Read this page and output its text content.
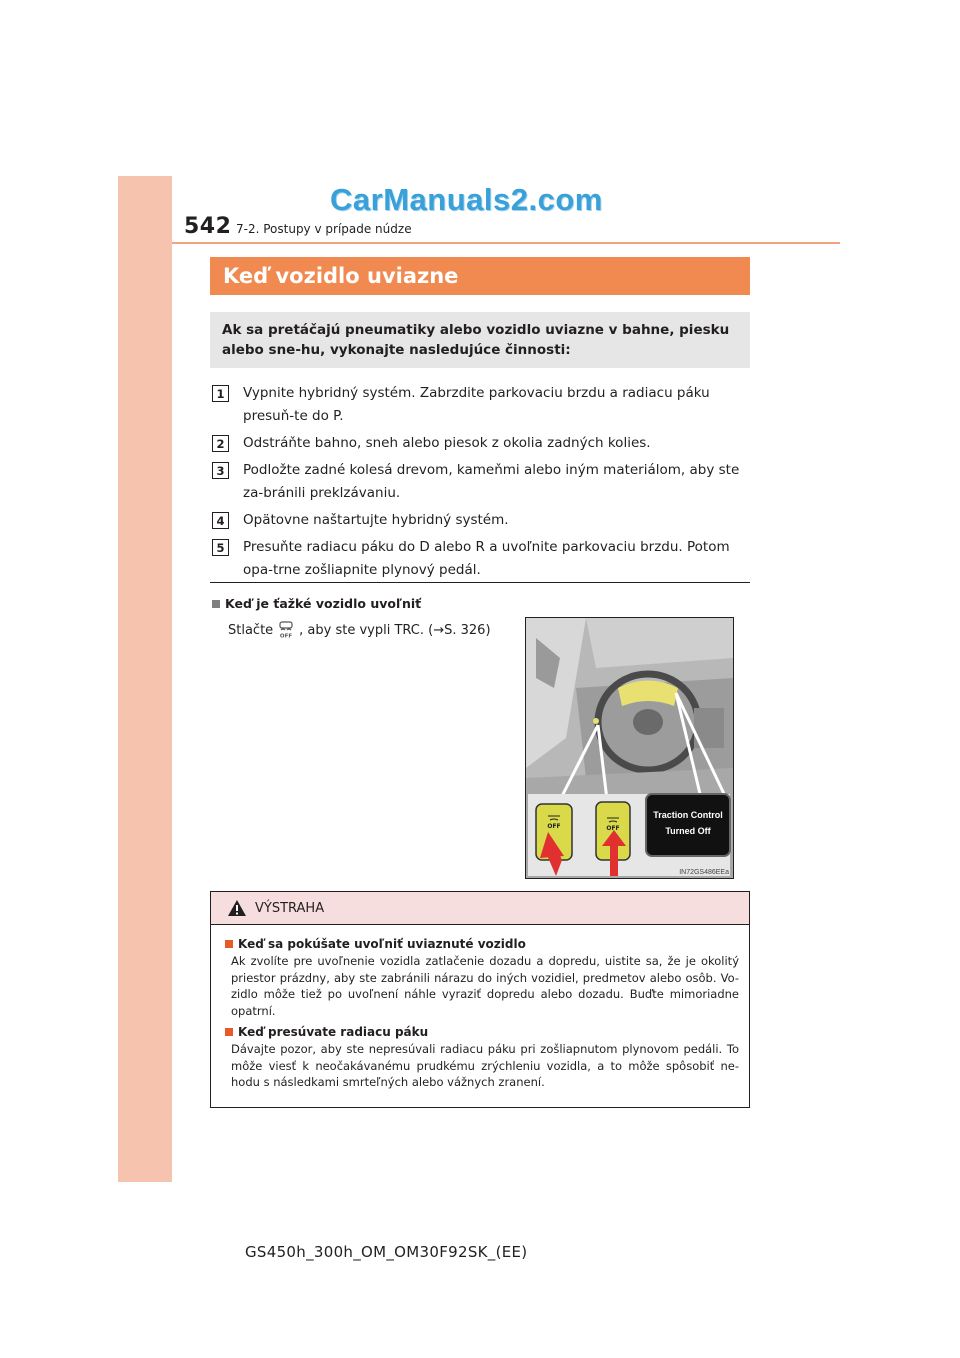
542 7-2. Postupy v prípade núdze
CarManuals2.com
Keď vozidlo uviazne
Ak sa pretáčajú pneumatiky alebo vozidlo uviazne v bahne, piesku alebo sne-hu, vykonajte nasledujúce činnosti:
1	Vypnite hybridný systém. Zabrzdite parkovaciu brzdu a radiacu páku presuň-te do P.
2	Odstráňte bahno, sneh alebo piesok z okolia zadných kolies.
3	Podložte zadné kolesá drevom, kameňmi alebo iným materiálom, aby ste za-bránili preklzávaniu.
4	Opätovne naštartujte hybridný systém.
5	Presuňte radiacu páku do D alebo R a uvoľnite parkovaciu brzdu. Potom opa-trne zošliapnite plynový pedál.
Keď je ťažké vozidlo uvoľniť
Stlačte OFF , aby ste vypli TRC. (→S. 326)
OFF	OFF
Traction Control
Turned Off
IN72GS486EEa
VÝSTRAHA
Keď sa pokúšate uvoľniť uviaznuté vozidlo
Ak zvolíte pre uvoľnenie vozidla zatlačenie dozadu a dopredu, uistite sa, že je okolitý priestor prázdny, aby ste zabránili nárazu do iných vozidiel, predmetov alebo osôb. Vo-zidlo môže tiež po uvoľnení náhle vyraziť dopredu alebo dozadu. Buďte mimoriadne opatrní.
Keď presúvate radiacu páku
Dávajte pozor, aby ste nepresúvali radiacu páku pri zošliapnutom plynovom pedáli. To môže viesť k neočakávanému prudkému zrýchleniu vozidla, a to môže spôsobiť ne-hodu s následkami smrteľných alebo vážnych zranení.
GS450h_300h_OM_OM30F92SK_(EE)
